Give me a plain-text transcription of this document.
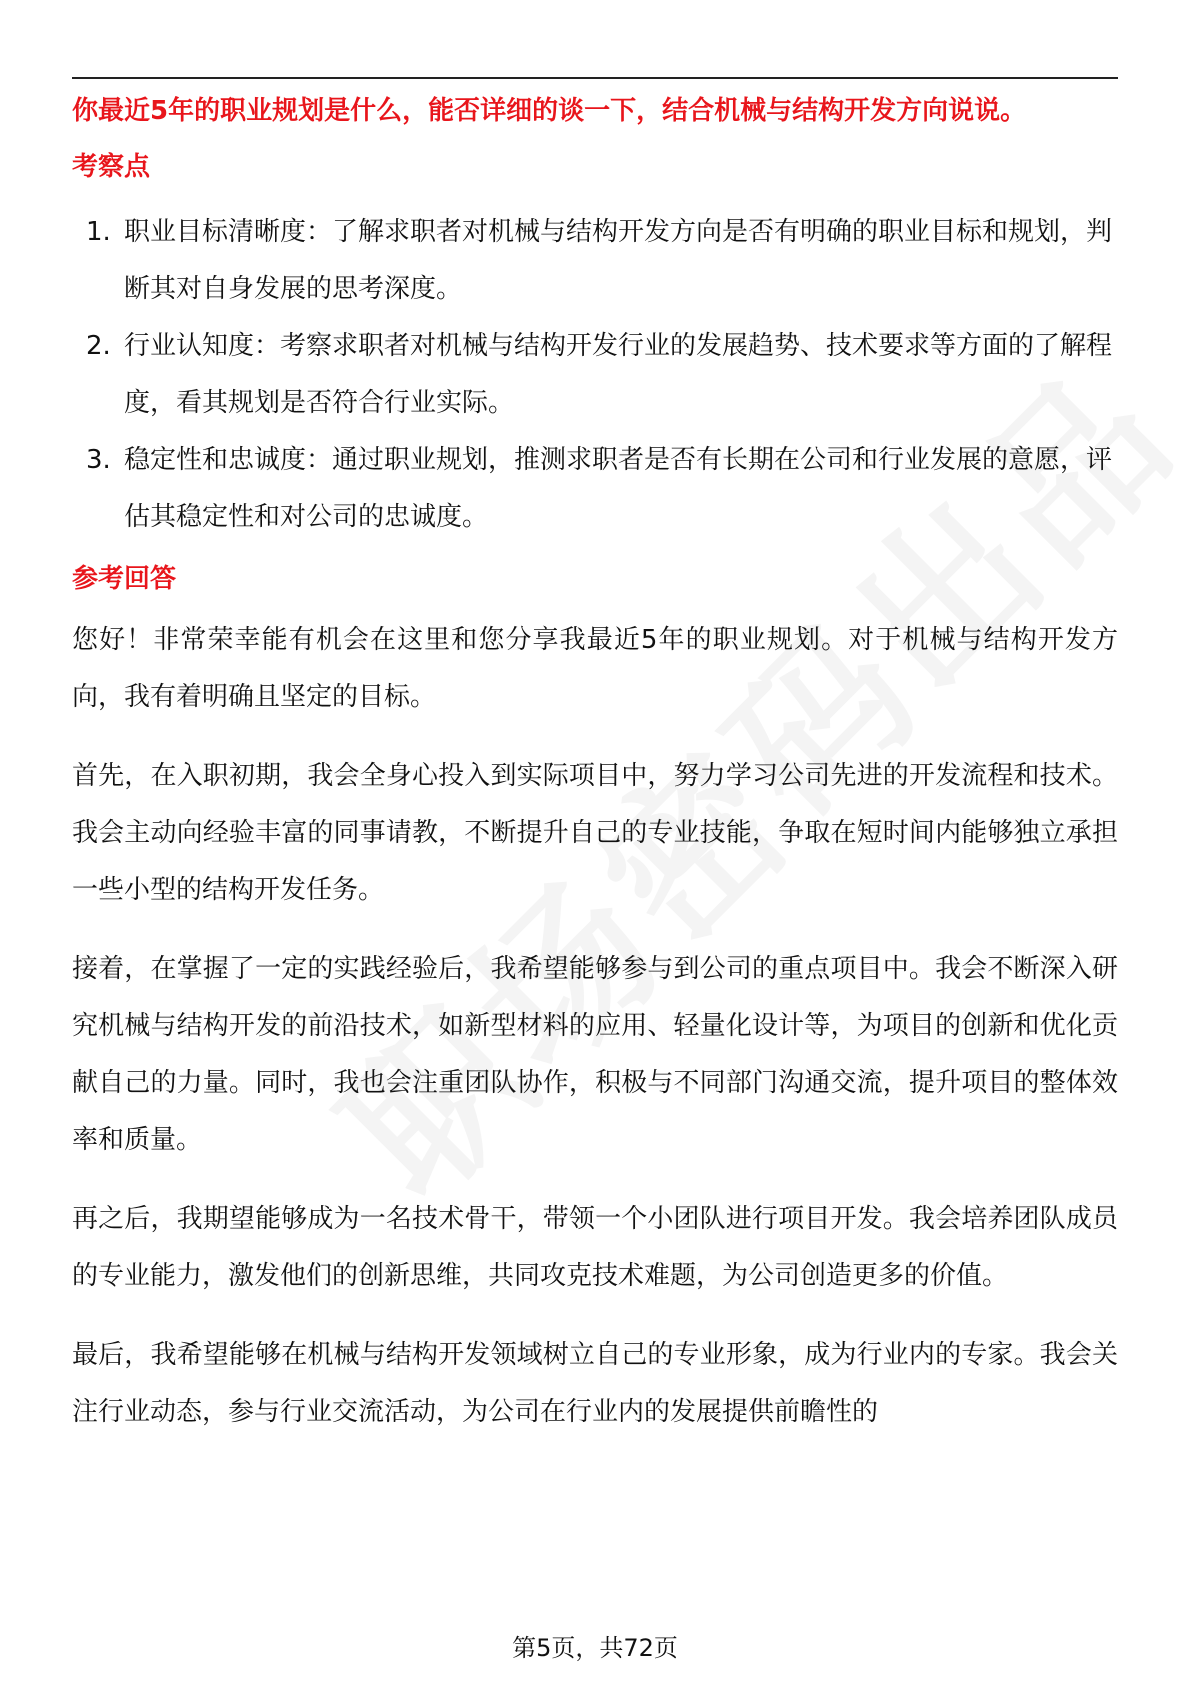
你最近5年的职业规划是什么，能否详细的谈一下，结合机械与结构开发方向说说。

考察点

1. 职业目标清晰度：了解求职者对机械与结构开发方向是否有明确的职业目标和规划，判断其对自身发展的思考深度。
2. 行业认知度：考察求职者对机械与结构开发行业的发展趋势、技术要求等方面的了解程度，看其规划是否符合行业实际。
3. 稳定性和忠诚度：通过职业规划，推测求职者是否有长期在公司和行业发展的意愿，评估其稳定性和对公司的忠诚度。

参考回答

您好！非常荣幸能有机会在这里和您分享我最近5年的职业规划。对于机械与结构开发方向，我有着明确且坚定的目标。

首先，在入职初期，我会全身心投入到实际项目中，努力学习公司先进的开发流程和技术。我会主动向经验丰富的同事请教，不断提升自己的专业技能，争取在短时间内能够独立承担一些小型的结构开发任务。

接着，在掌握了一定的实践经验后，我希望能够参与到公司的重点项目中。我会不断深入研究机械与结构开发的前沿技术，如新型材料的应用、轻量化设计等，为项目的创新和优化贡献自己的力量。同时，我也会注重团队协作，积极与不同部门沟通交流，提升项目的整体效率和质量。

再之后，我期望能够成为一名技术骨干，带领一个小团队进行项目开发。我会培养团队成员的专业能力，激发他们的创新思维，共同攻克技术难题，为公司创造更多的价值。

最后，我希望能够在机械与结构开发领域树立自己的专业形象，成为行业内的专家。我会关注行业动态，参与行业交流活动，为公司在行业内的发展提供前瞻性的

第5页，共72页
